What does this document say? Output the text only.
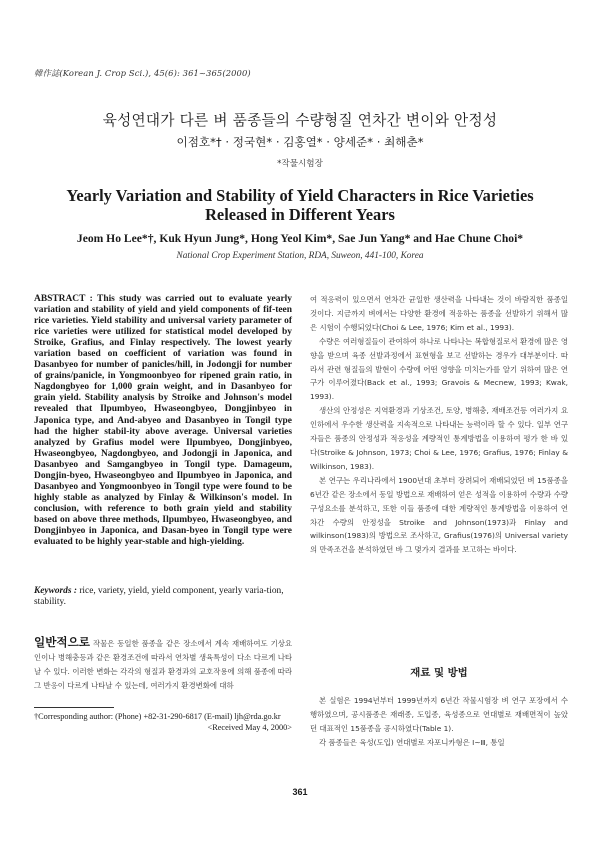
韓作誌(Korean J. Crop Sci.), 45(6): 361~365(2000)
육성연대가 다른 벼 품종들의 수량형질 연차간 변이와 안정성
이점호*† · 정국현* · 김홍열* · 양세준* · 최해춘*
*작물시험장
Yearly Variation and Stability of Yield Characters in Rice Varieties Released in Different Years
Jeom Ho Lee*†, Kuk Hyun Jung*, Hong Yeol Kim*, Sae Jun Yang* and Hae Chune Choi*
National Crop Experiment Station, RDA, Suweon, 441-100, Korea
ABSTRACT : This study was carried out to evaluate yearly variation and stability of yield and yield components of fif-teen rice varieties. Yield stability and universal variety parameter of rice varieties were utilized for statistical model developed by Stroike, Grafius, and Finlay respectively. The lowest yearly variation based on coefficient of variation was found in Dasanbyeo for number of panicles/hill, in Jodongji for number of grains/panicle, in Yongmoonbyeo for ripened grain ratio, in Nagdongbyeo for 1,000 grain weight, and in Dasanbyeo for grain yield. Stability analysis by Stroike and Johnson's model revealed that Ilpumbyeo, Hwaseongbyeo, Dongjinbyeo in Japonica type, and And-abyeo and Dasanbyeo in Tongil type had the higher stabil-ity above average. Universal varieties analyzed by Grafius model were Ilpumbyeo, Dongjinbyeo, Hwaseongbyeo, Nagdongbyeo, and Jodongji in Japonica, and Dasanbyeo and Samgangbyeo in Tongil type. Damageum, Dongjin-byeo, Hwaseongbyeo and Ilpumbyeo in Japonica, and Dasanbyeo and Yongmoonbyeo in Tongil type were found to be highly stable as analyzed by Finlay & Wilkinson's model. In conclusion, with reference to both grain yield and stability based on above three methods, Ilpumbyeo, Hwaseongbyeo, and Dongjinbyeo in Japonica, and Dasan-byeo in Tongil type were evaluated to be highly year-stable and high-yielding.
Keywords : rice, variety, yield, yield component, yearly varia-tion, stability.
일반적으로 작물은 동일한 품종을 같은 장소에서 계속 재배하여도 기상요인이나 병해충등과 같은 환경조건에 따라서 연차별 생육특성이 다소 다르게 나타날 수 있다. 이러한 변화는 각각의 형질과 환경과의 교호작용에 의해 품종에 따라 그 반응이 다르게 나타날 수 있는데, 여러가지 환경변화에 대하
†Corresponding author: (Phone) +82-31-290-6817 (E-mail) ljh@rda.go.kr
<Received May 4, 2000>

여 적응력이 있으면서 연차간 균일한 생산력을 나타내는 것이 바람직한 품종일 것이다. 지금까지 벼에서는 다양한 환경에 적응하는 품종을 선발하기 위해서 많은 시험이 수행되었다(Choi & Lee, 1976; Kim et al., 1993).

수량은 여러형질들이 관여하여 하나로 나타나는 복합형질로서 환경에 많은 영향을 받으며 육종 선발과정에서 표현형을 보고 선발하는 경우가 대부분이다. 따라서 관련 형질들의 발현이 수량에 어떤 영향을 미치는가를 알기 위하여 많은 연구가 이루어졌다(Back et al., 1993; Gravois & Mecnew, 1993; Kwak, 1993).

생산의 안정성은 지역환경과 기상조건, 토양, 병해충, 재배조건등 여러가지 요인하에서 우수한 생산력을 지속적으로 나타내는 능력이라 할 수 있다. 일부 연구자들은 품종의 안정성과 적응성을 계량적인 통계방법을 이용하여 평가 한 바 있다(Stroike & Johnson, 1973; Choi & Lee, 1976; Grafius, 1976; Finlay & Wilkinson, 1983).

본 연구는 우리나라에서 1900년대 초부터 장려되어 재배되었던 벼 15품종을 6년간 같은 장소에서 동일 방법으로 재배하여 얻은 성적을 이용하여 수량과 수량구성요소를 분석하고, 또한 이들 품종에 대한 계량적인 통계방법을 이용하여 연차간 수량의 안정성을 Stroike and Johnson(1973)과 Finlay and wilkinson(1983)의 방법으로 조사하고, Grafius(1976)의 Universal variety의 만족조건을 분석하였던 바 그 몇가지 결과를 보고하는 바이다.

재료 및 방법

본 실험은 1994년부터 1999년까지 6년간 작물시험장 벼 연구 포장에서 수행하였으며, 공시품종은 재래종, 도입종, 육성종으로 연대별로 재배면적이 높았던 대표적인 15품종을 공시하였다(Table 1).

각 품종들은 육성(도입) 연대별로 자포니카형은 Ⅰ~Ⅲ, 통일

361
